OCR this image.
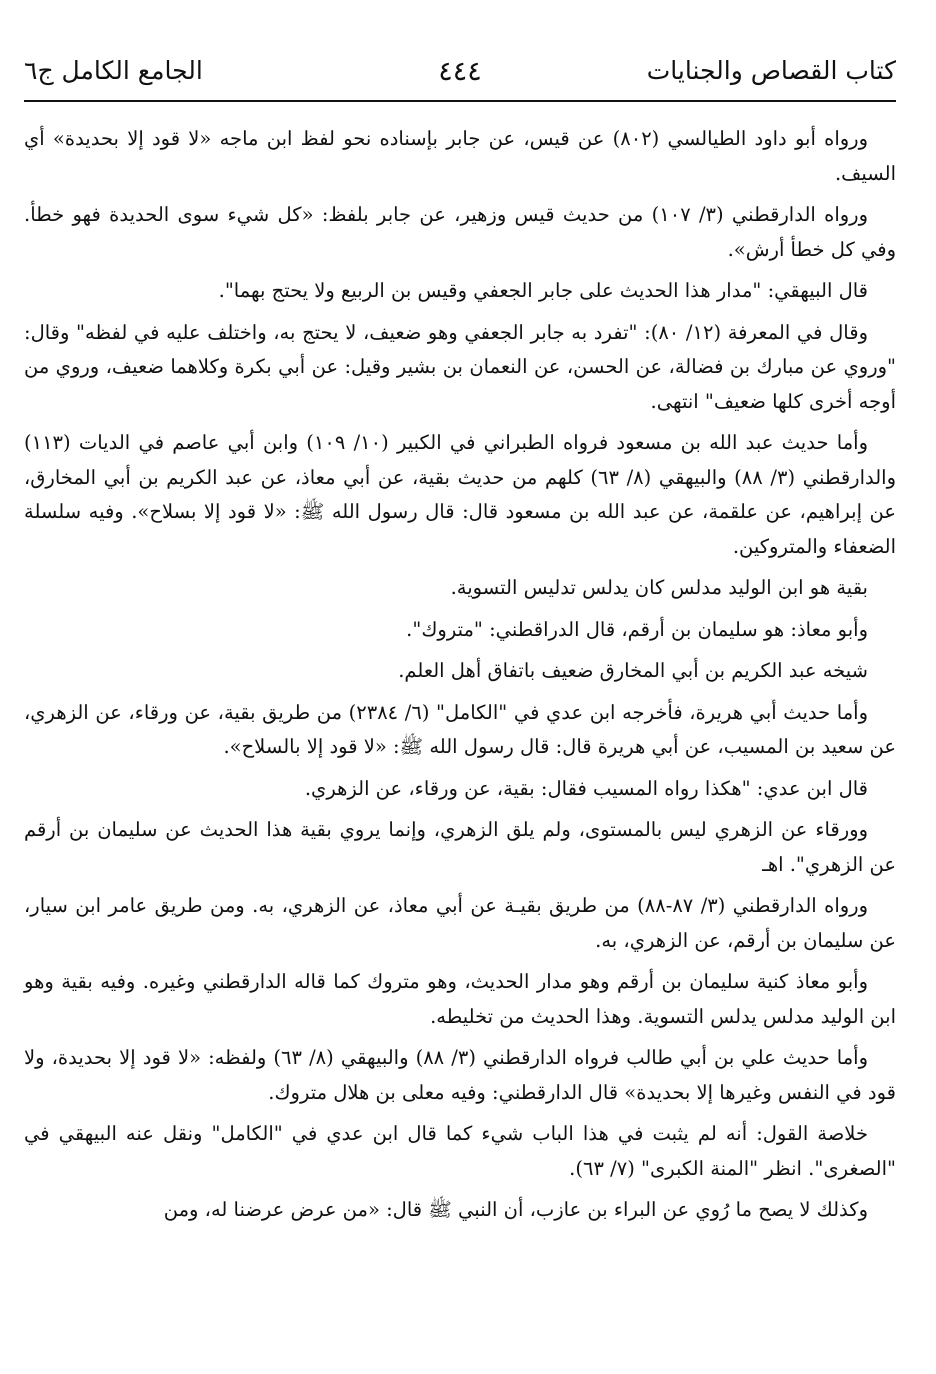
كتاب القصاص والجنايات
٤٤٤
الجامع الكامل ج٦

ورواه أبو داود الطيالسي (٨٠٢) عن قيس، عن جابر بإسناده نحو لفظ ابن ماجه «لا قود إلا بحديدة» أي السيف.

ورواه الدارقطني (٣/ ١٠٧) من حديث قيس وزهير، عن جابر بلفظ: «كل شيء سوى الحديدة فهو خطأ. وفي كل خطأ أرش».

قال البيهقي: "مدار هذا الحديث على جابر الجعفي وقيس بن الربيع ولا يحتج بهما".

وقال في المعرفة (١٢/ ٨٠): "تفرد به جابر الجعفي وهو ضعيف، لا يحتج به، واختلف عليه في لفظه" وقال: "وروي عن مبارك بن فضالة، عن الحسن، عن النعمان بن بشير وقيل: عن أبي بكرة وكلاهما ضعيف، وروي من أوجه أخرى كلها ضعيف" انتهى.

وأما حديث عبد الله بن مسعود فرواه الطبراني في الكبير (١٠/ ١٠٩) وابن أبي عاصم في الديات (١١٣) والدارقطني (٣/ ٨٨) والبيهقي (٨/ ٦٣) كلهم من حديث بقية، عن أبي معاذ، عن عبد الكريم بن أبي المخارق، عن إبراهيم، عن علقمة، عن عبد الله بن مسعود قال: قال رسول الله ﷺ: «لا قود إلا بسلاح». وفيه سلسلة الضعفاء والمتروكين.

بقية هو ابن الوليد مدلس كان يدلس تدليس التسوية.

وأبو معاذ: هو سليمان بن أرقم، قال الدراقطني: "متروك".

شيخه عبد الكريم بن أبي المخارق ضعيف باتفاق أهل العلم.

وأما حديث أبي هريرة، فأخرجه ابن عدي في "الكامل" (٦/ ٢٣٨٤) من طريق بقية، عن ورقاء، عن الزهري، عن سعيد بن المسيب، عن أبي هريرة قال: قال رسول الله ﷺ: «لا قود إلا بالسلاح».

قال ابن عدي: "هكذا رواه المسيب فقال: بقية، عن ورقاء، عن الزهري.

وورقاء عن الزهري ليس بالمستوى، ولم يلق الزهري، وإنما يروي بقية هذا الحديث عن سليمان بن أرقم عن الزهري". اهـ

ورواه الدارقطني (٣/ ٨٧-٨٨) من طريق بقيـة عن أبي معاذ، عن الزهري، به. ومن طريق عامر ابن سيار، عن سليمان بن أرقم، عن الزهري، به.

وأبو معاذ كنية سليمان بن أرقم وهو مدار الحديث، وهو متروك كما قاله الدارقطني وغيره. وفيه بقية وهو ابن الوليد مدلس يدلس التسوية. وهذا الحديث من تخليطه.

وأما حديث علي بن أبي طالب فرواه الدارقطني (٣/ ٨٨) والبيهقي (٨/ ٦٣) ولفظه: «لا قود إلا بحديدة، ولا قود في النفس وغيرها إلا بحديدة» قال الدارقطني: وفيه معلى بن هلال متروك.

خلاصة القول: أنه لم يثبت في هذا الباب شيء كما قال ابن عدي في "الكامل" ونقل عنه البيهقي في "الصغرى". انظر "المنة الكبرى" (٧/ ٦٣).

وكذلك لا يصح ما رُوي عن البراء بن عازب، أن النبي ﷺ قال: «من عرض عرضنا له، ومن
